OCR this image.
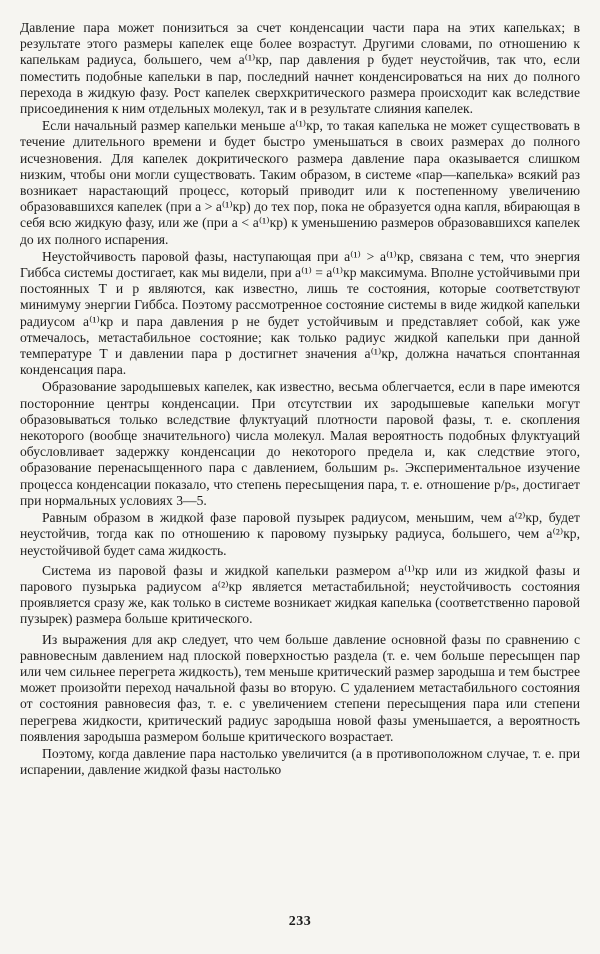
Давление пара может понизиться за счет конденсации части пара на этих капельках; в результате этого размеры капелек еще более возрастут. Другими словами, по отношению к капелькам радиуса, большего, чем a⁽¹⁾кр, пар давления p будет неустойчив, так что, если поместить подобные капельки в пар, последний начнет конденсироваться на них до полного перехода в жидкую фазу. Рост капелек сверхкритического размера происходит как вследствие присоединения к ним отдельных молекул, так и в результате слияния капелек.

Если начальный размер капельки меньше a⁽¹⁾кр, то такая капелька не может существовать в течение длительного времени и будет быстро уменьшаться в своих размерах до полного исчезновения. Для капелек докритического размера давление пара оказывается слишком низким, чтобы они могли существовать. Таким образом, в системе «пар—капелька» всякий раз возникает нарастающий процесс, который приводит или к постепенному увеличению образовавшихся капелек (при a > a⁽¹⁾кр) до тех пор, пока не образуется одна капля, вбирающая в себя всю жидкую фазу, или же (при a < a⁽¹⁾кр) к уменьшению размеров образовавшихся капелек до их полного испарения.

Неустойчивость паровой фазы, наступающая при a⁽¹⁾ > a⁽¹⁾кр, связана с тем, что энергия Гиббса системы достигает, как мы видели, при a⁽¹⁾ = a⁽¹⁾кр максимума. Вполне устойчивыми при постоянных T и p являются, как известно, лишь те состояния, которые соответствуют минимуму энергии Гиббса. Поэтому рассмотренное состояние системы в виде жидкой капельки радиусом a⁽¹⁾кр и пара давления p не будет устойчивым и представляет собой, как уже отмечалось, метастабильное состояние; как только радиус жидкой капельки при данной температуре T и давлении пара p достигнет значения a⁽¹⁾кр, должна начаться спонтанная конденсация пара.

Образование зародышевых капелек, как известно, весьма облегчается, если в паре имеются посторонние центры конденсации. При отсутствии их зародышевые капельки могут образовываться только вследствие флуктуаций плотности паровой фазы, т. е. скопления некоторого (вообще значительного) числа молекул. Малая вероятность подобных флуктуаций обусловливает задержку конденсации до некоторого предела и, как следствие этого, образование перенасыщенного пара с давлением, большим pₛ. Экспериментальное изучение процесса конденсации показало, что степень пересыщения пара, т. е. отношение p/pₛ, достигает при нормальных условиях 3—5.

Равным образом в жидкой фазе паровой пузырек радиусом, меньшим, чем a⁽²⁾кр, будет неустойчив, тогда как по отношению к паровому пузырьку радиуса, большего, чем a⁽²⁾кр, неустойчивой будет сама жидкость.

Система из паровой фазы и жидкой капельки размером a⁽¹⁾кр или из жидкой фазы и парового пузырька радиусом a⁽²⁾кр является метастабильной; неустойчивость состояния проявляется сразу же, как только в системе возникает жидкая капелька (соответственно паровой пузырек) размера больше критического.

Из выражения для aкр следует, что чем больше давление основной фазы по сравнению с равновесным давлением над плоской поверхностью раздела (т. е. чем больше пересыщен пар или чем сильнее перегрета жидкость), тем меньше критический размер зародыша и тем быстрее может произойти переход начальной фазы во вторую. С удалением метастабильного состояния от состояния равновесия фаз, т. е. с увеличением степени пересыщения пара или степени перегрева жидкости, критический радиус зародыша новой фазы уменьшается, а вероятность появления зародыша размером больше критического возрастает.

Поэтому, когда давление пара настолько увеличится (а в противоположном случае, т. е. при испарении, давление жидкой фазы настолько

233
